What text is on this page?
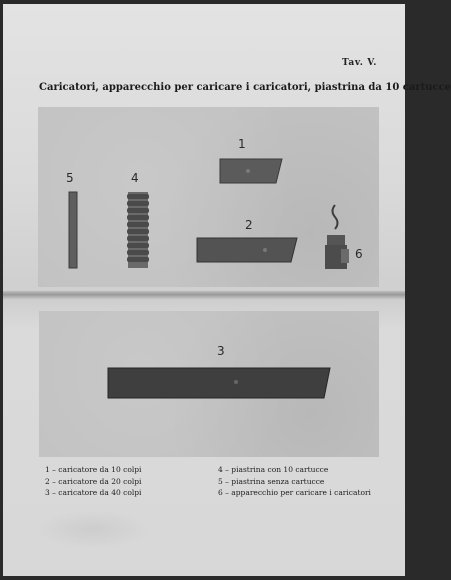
Tav. V.
Caricatori, apparecchio per caricare i caricatori, piastrina da 10 cartucce
1
2
4
5
6

3
1 – caricatore da 10 colpi
2 – caricatore da 20 colpi
3 – caricatore da 40 colpi
4 – piastrina con 10 cartucce
5 – piastrina senza cartucce
6 – apparecchio per caricare i caricatori
